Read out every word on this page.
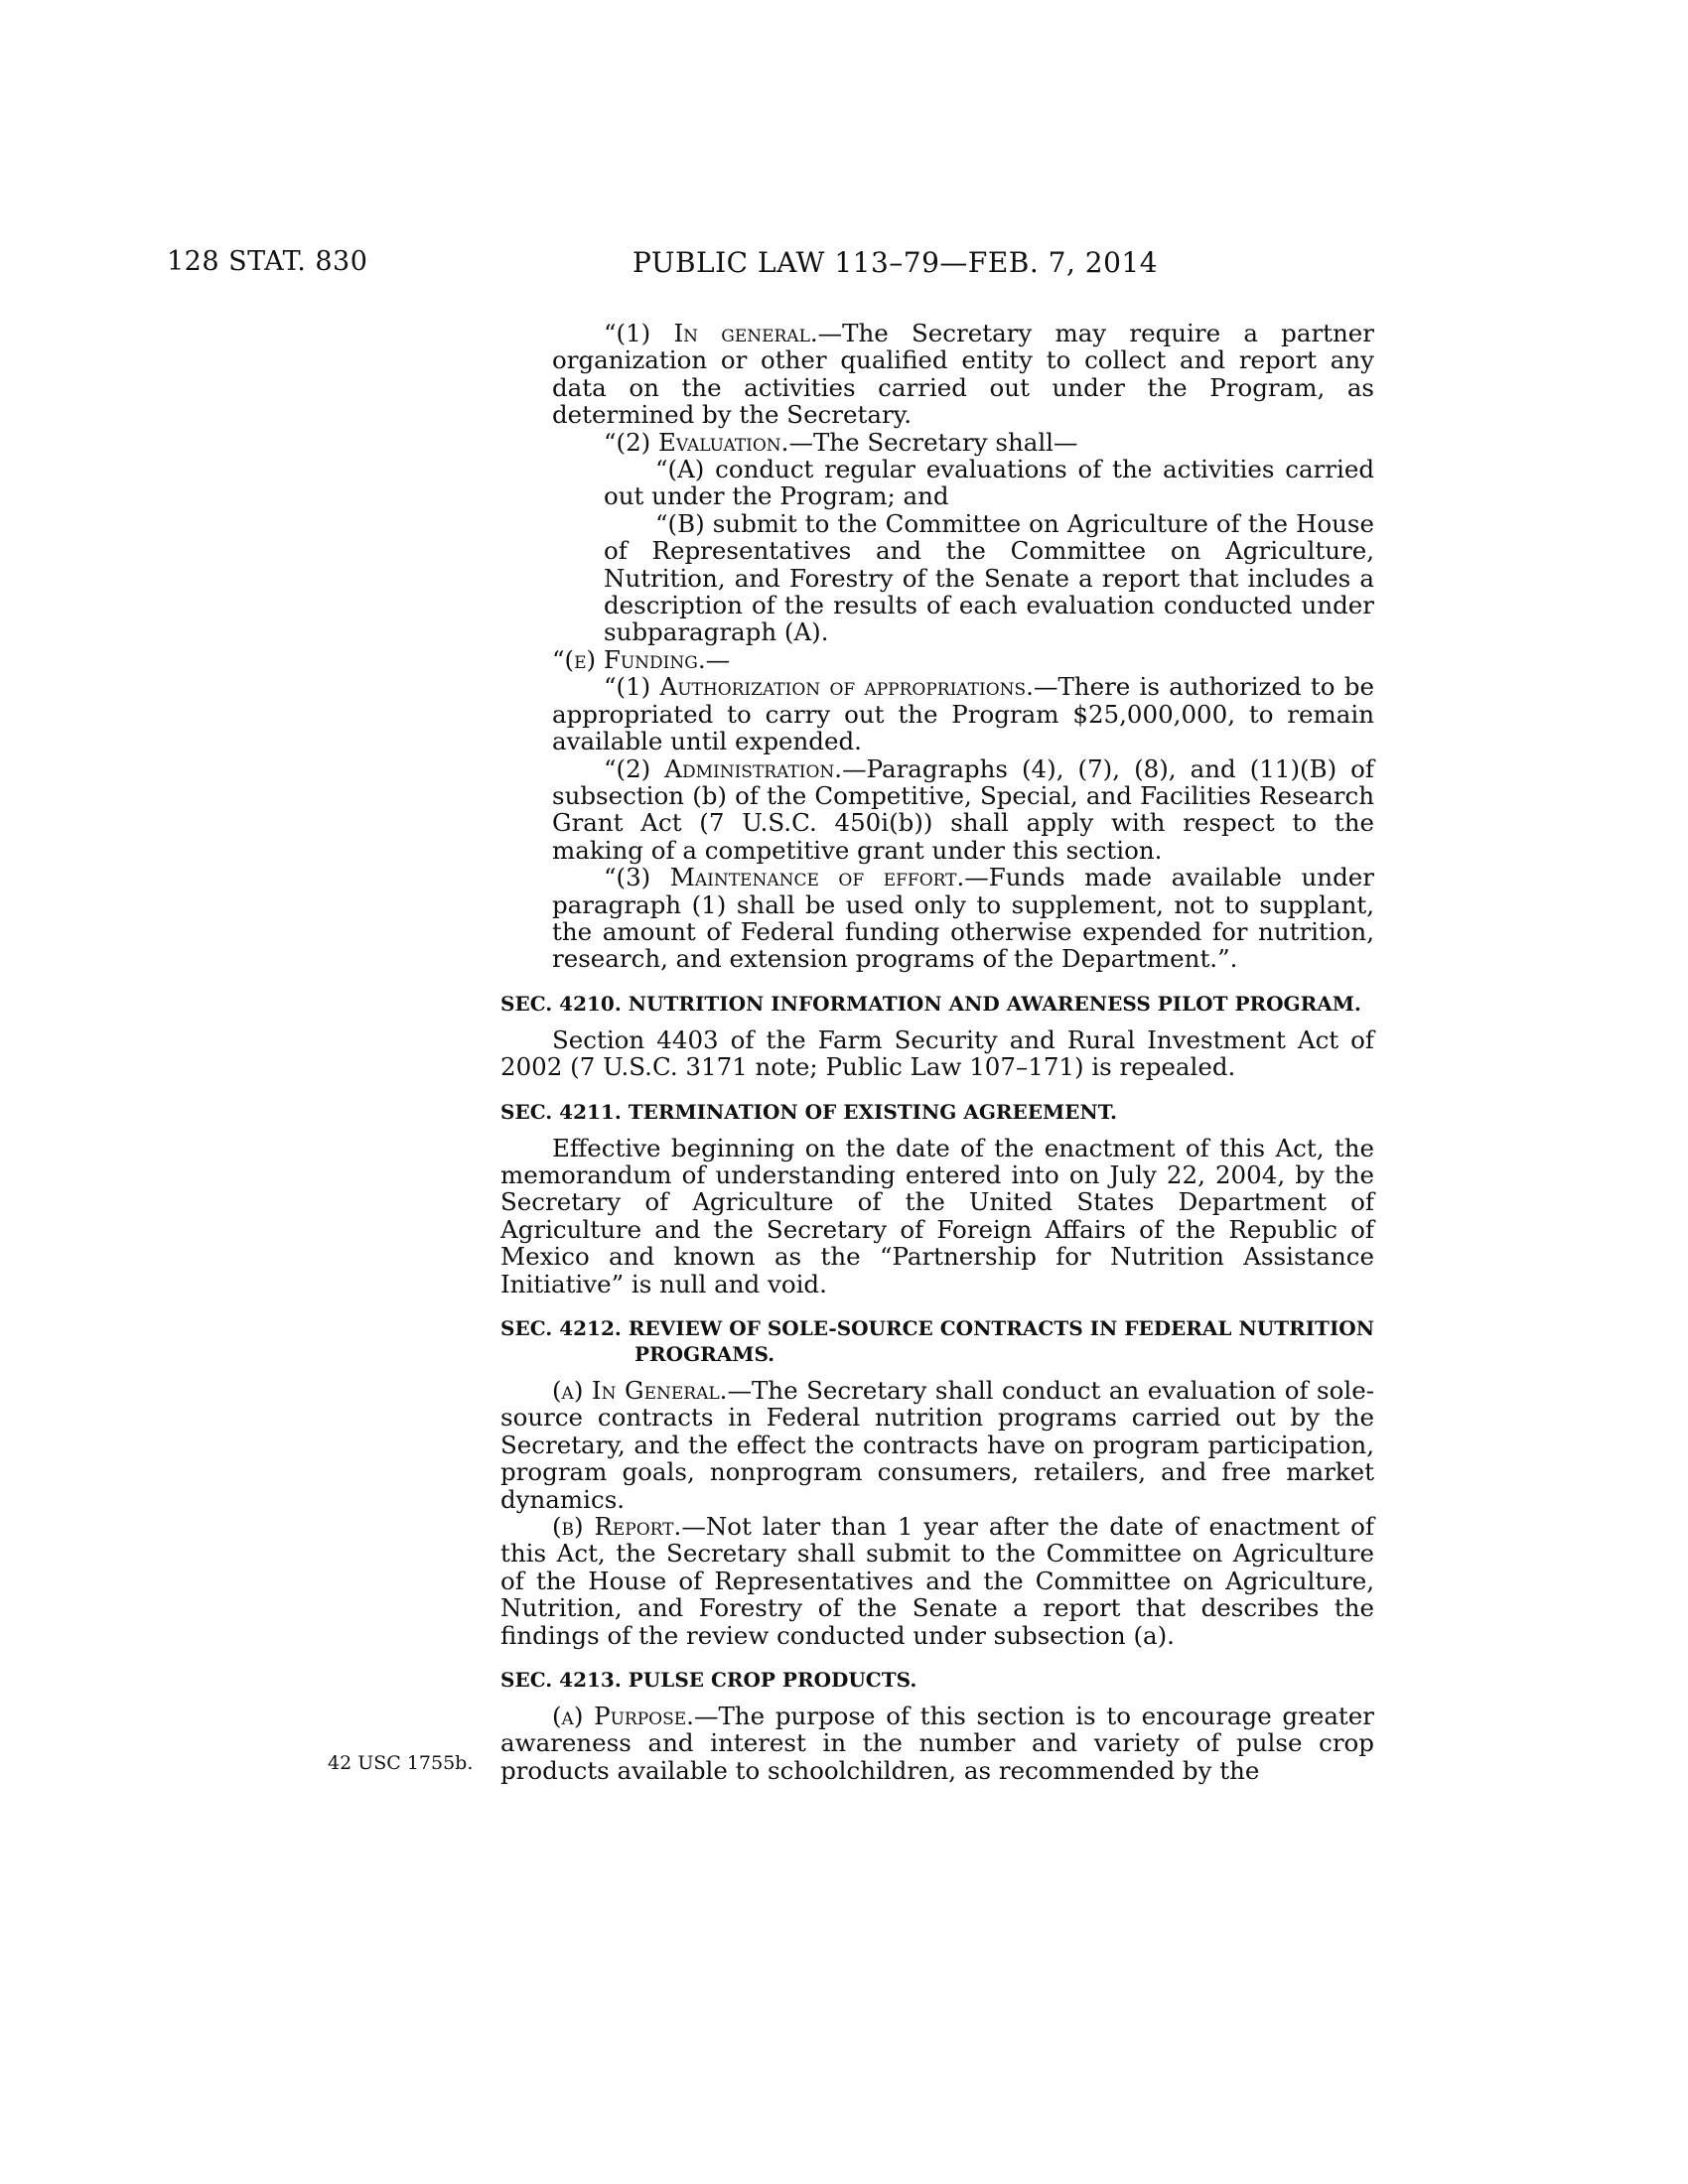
128 STAT. 830	PUBLIC LAW 113–79—FEB. 7, 2014
42 USC 1755b.

“(1) In general.—The Secretary may require a partner organization or other qualified entity to collect and report any data on the activities carried out under the Program, as determined by the Secretary.

“(2) Evaluation.—The Secretary shall—

“(A) conduct regular evaluations of the activities carried out under the Program; and

“(B) submit to the Committee on Agriculture of the House of Representatives and the Committee on Agriculture, Nutrition, and Forestry of the Senate a report that includes a description of the results of each evaluation conducted under subparagraph (A).

“(e) Funding.—

“(1) Authorization of appropriations.—There is authorized to be appropriated to carry out the Program $25,000,000, to remain available until expended.

“(2) Administration.—Paragraphs (4), (7), (8), and (11)(B) of subsection (b) of the Competitive, Special, and Facilities Research Grant Act (7 U.S.C. 450i(b)) shall apply with respect to the making of a competitive grant under this section.

“(3) Maintenance of effort.—Funds made available under paragraph (1) shall be used only to supplement, not to supplant, the amount of Federal funding otherwise expended for nutrition, research, and extension programs of the Department.”.

SEC. 4210. NUTRITION INFORMATION AND AWARENESS PILOT PROGRAM.

Section 4403 of the Farm Security and Rural Investment Act of 2002 (7 U.S.C. 3171 note; Public Law 107–171) is repealed.

SEC. 4211. TERMINATION OF EXISTING AGREEMENT.

Effective beginning on the date of the enactment of this Act, the memorandum of understanding entered into on July 22, 2004, by the Secretary of Agriculture of the United States Department of Agriculture and the Secretary of Foreign Affairs of the Republic of Mexico and known as the “Partnership for Nutrition Assistance Initiative” is null and void.

SEC. 4212. REVIEW OF SOLE-SOURCE CONTRACTS IN FEDERAL NUTRITION PROGRAMS.

(a) In General.—The Secretary shall conduct an evaluation of sole-source contracts in Federal nutrition programs carried out by the Secretary, and the effect the contracts have on program participation, program goals, nonprogram consumers, retailers, and free market dynamics.

(b) Report.—Not later than 1 year after the date of enactment of this Act, the Secretary shall submit to the Committee on Agriculture of the House of Representatives and the Committee on Agriculture, Nutrition, and Forestry of the Senate a report that describes the findings of the review conducted under subsection (a).

SEC. 4213. PULSE CROP PRODUCTS.

(a) Purpose.—The purpose of this section is to encourage greater awareness and interest in the number and variety of pulse crop products available to schoolchildren, as recommended by the
